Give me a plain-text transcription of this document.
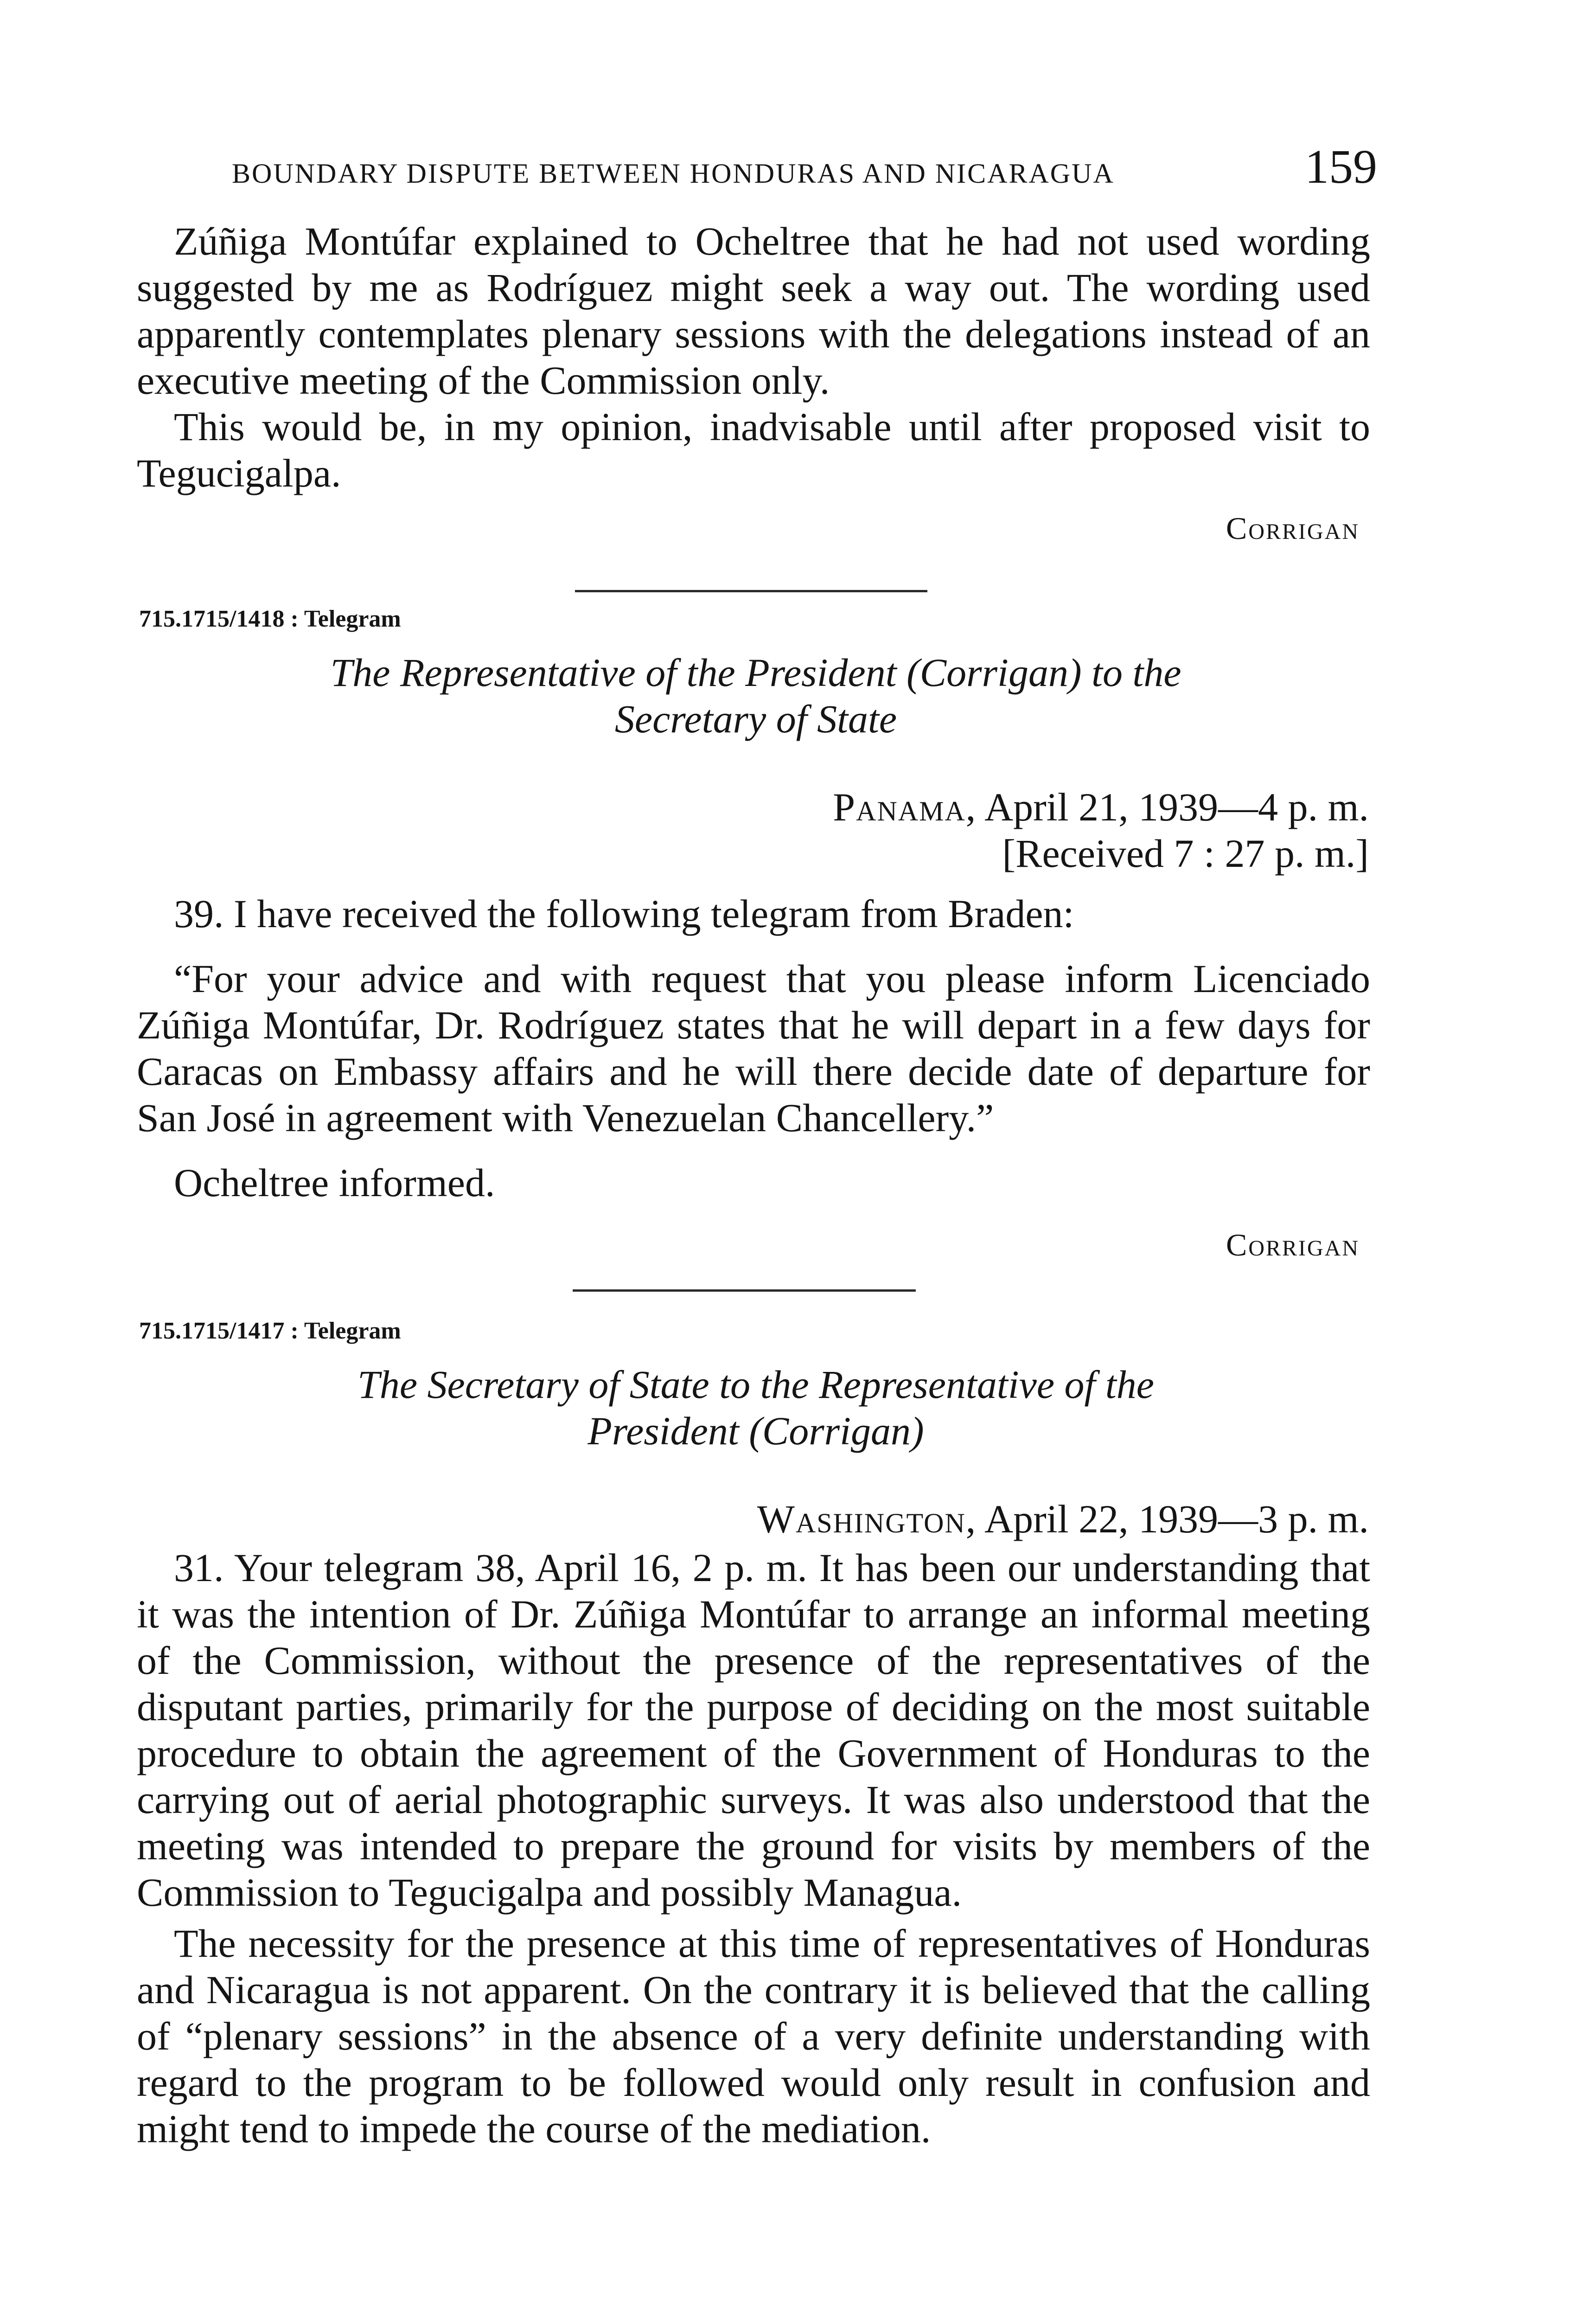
BOUNDARY DISPUTE BETWEEN HONDURAS AND NICARAGUA	159

Zúñiga Montúfar explained to Ocheltree that he had not used wording suggested by me as Rodríguez might seek a way out. The wording used apparently contemplates plenary sessions with the delegations instead of an executive meeting of the Commission only.

This would be, in my opinion, inadvisable until after proposed visit to Tegucigalpa.

Corrigan
715.1715/1418 : Telegram
The Representative of the President (Corrigan) to the
Secretary of State
Panama, April 21, 1939—4 p. m.
[Received 7 : 27 p. m.]

39. I have received the following telegram from Braden:

“For your advice and with request that you please inform Licenciado Zúñiga Montúfar, Dr. Rodríguez states that he will depart in a few days for Caracas on Embassy affairs and he will there decide date of departure for San José in agreement with Venezuelan Chancellery.”

Ocheltree informed.

Corrigan
715.1715/1417 : Telegram
The Secretary of State to the Representative of the
President (Corrigan)
Washington, April 22, 1939—3 p. m.

31. Your telegram 38, April 16, 2 p. m. It has been our understanding that it was the intention of Dr. Zúñiga Montúfar to arrange an informal meeting of the Commission, without the presence of the representatives of the disputant parties, primarily for the purpose of deciding on the most suitable procedure to obtain the agreement of the Government of Honduras to the carrying out of aerial photographic surveys. It was also understood that the meeting was intended to prepare the ground for visits by members of the Commission to Tegucigalpa and possibly Managua.

The necessity for the presence at this time of representatives of Honduras and Nicaragua is not apparent. On the contrary it is believed that the calling of “plenary sessions” in the absence of a very definite understanding with regard to the program to be followed would only result in confusion and might tend to impede the course of the mediation.
